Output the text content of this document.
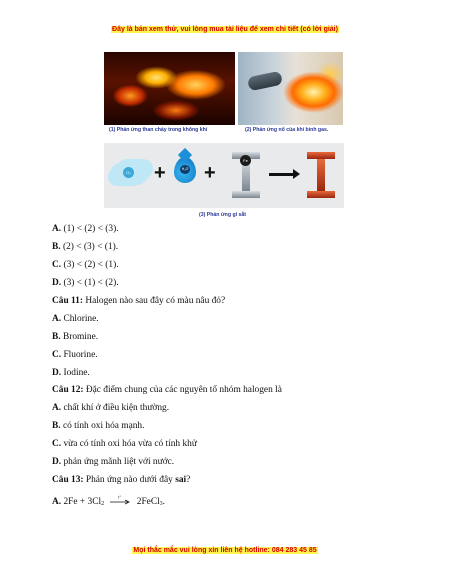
Đây là bản xem thử, vui lòng mua tài liệu để xem chi tiết (có lời giải)
(1) Phản ứng than cháy trong không khí	(2) Phản ứng nổ của khí bình gas.
O₂ +	H₂O +
Fe
(3) Phản ứng gỉ sắt
A. (1) < (2) < (3).
B. (2) < (3) < (1).
C. (3) < (2) < (1).
D. (3) < (1) < (2).
Câu 11: Halogen nào sau đây có màu nâu đỏ?
A. Chlorine.
B. Bromine.
C. Fluorine.
D. Iodine.
Câu 12: Đặc điểm chung của các nguyên tố nhóm halogen là
A. chất khí ở điều kiện thường.
B. có tính oxi hóa mạnh.
C. vừa có tính oxi hóa vừa có tính khử
D. phản ứng mãnh liệt với nước.
Câu 13: Phản ứng nào dưới đây sai?
A. $2Fe + 3Cl_2$
t° 2FeCl$_3$.
Mọi thắc mắc vui lòng xin liên hệ hotline: 084 283 45 85
